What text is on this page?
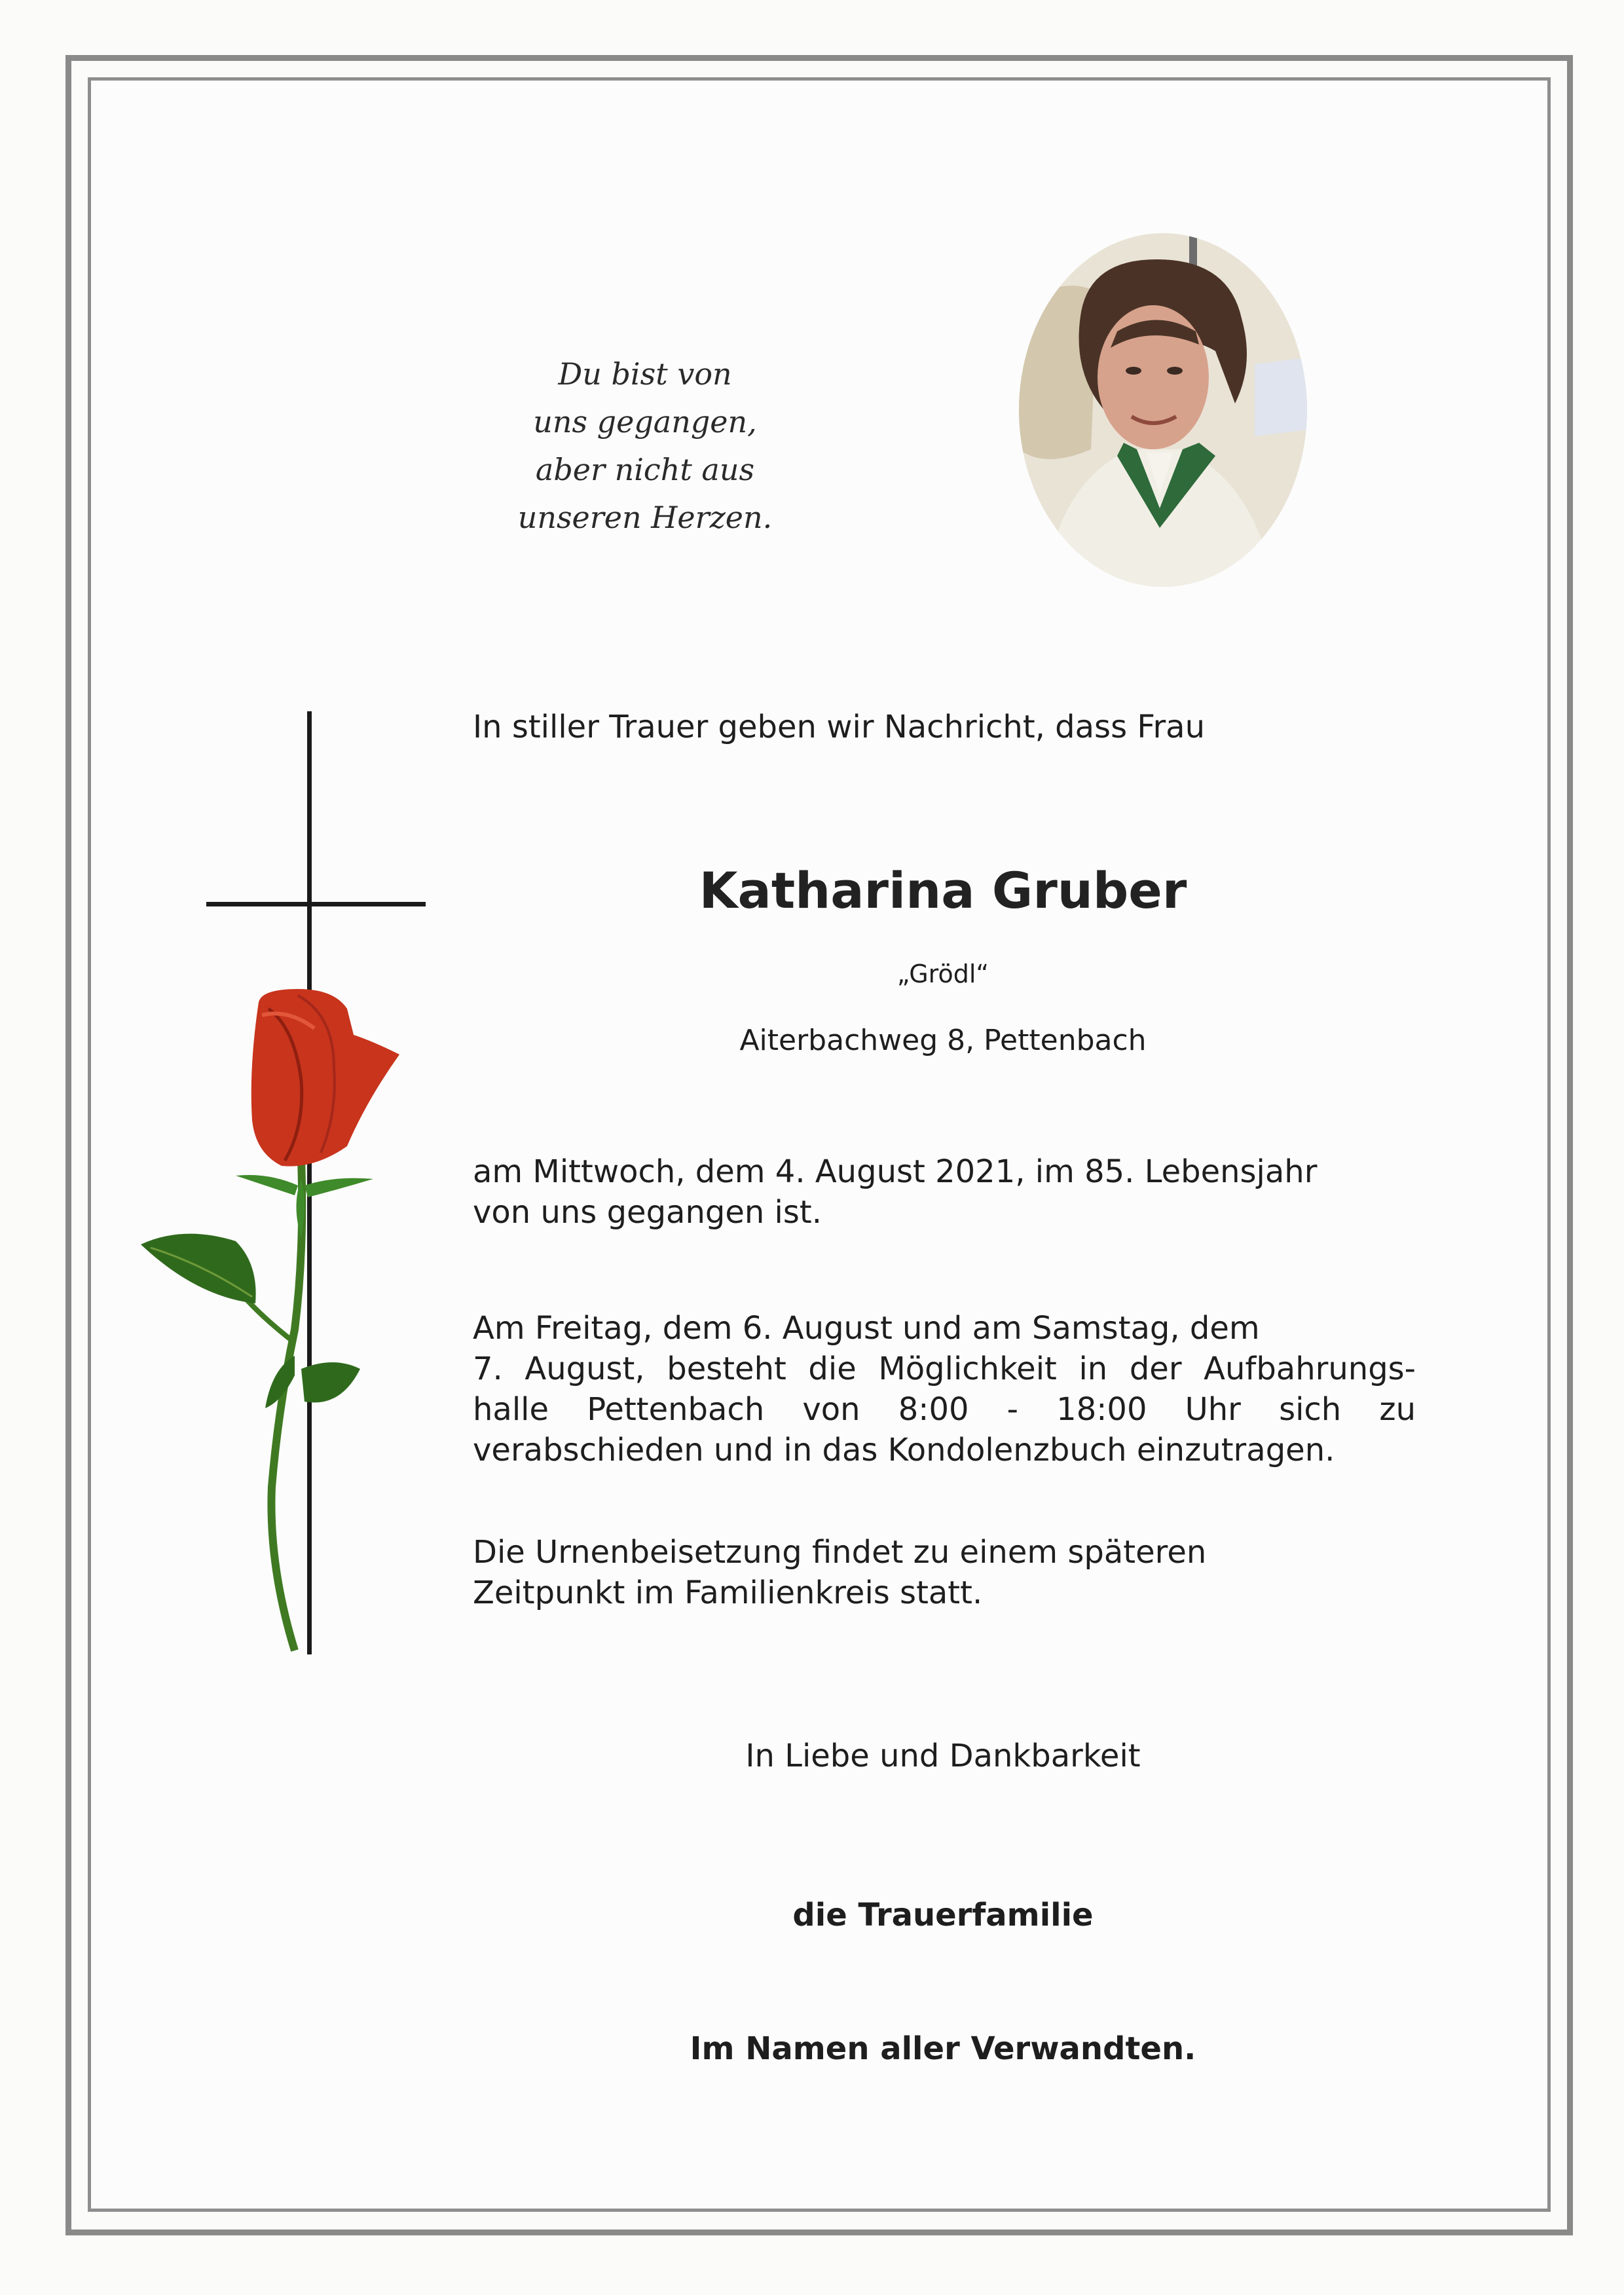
Du bist von
uns gegangen,
aber nicht aus
unseren Herzen.
In stiller Trauer geben wir Nachricht, dass Frau
Katharina Gruber
„Grödl“
Aiterbachweg 8, Pettenbach
am Mittwoch, dem 4. August 2021, im 85. Lebensjahr
von uns gegangen ist.
Am Freitag, dem 6. August und am Samstag, dem
7. August, besteht die Möglichkeit in der Aufbahrungs-
halle Pettenbach von 8:00 - 18:00 Uhr sich zu
verabschieden und in das Kondolenzbuch einzutragen.
Die Urnenbeisetzung findet zu einem späteren
Zeitpunkt im Familienkreis statt.
In Liebe und Dankbarkeit
die Trauerfamilie
Im Namen aller Verwandten.
